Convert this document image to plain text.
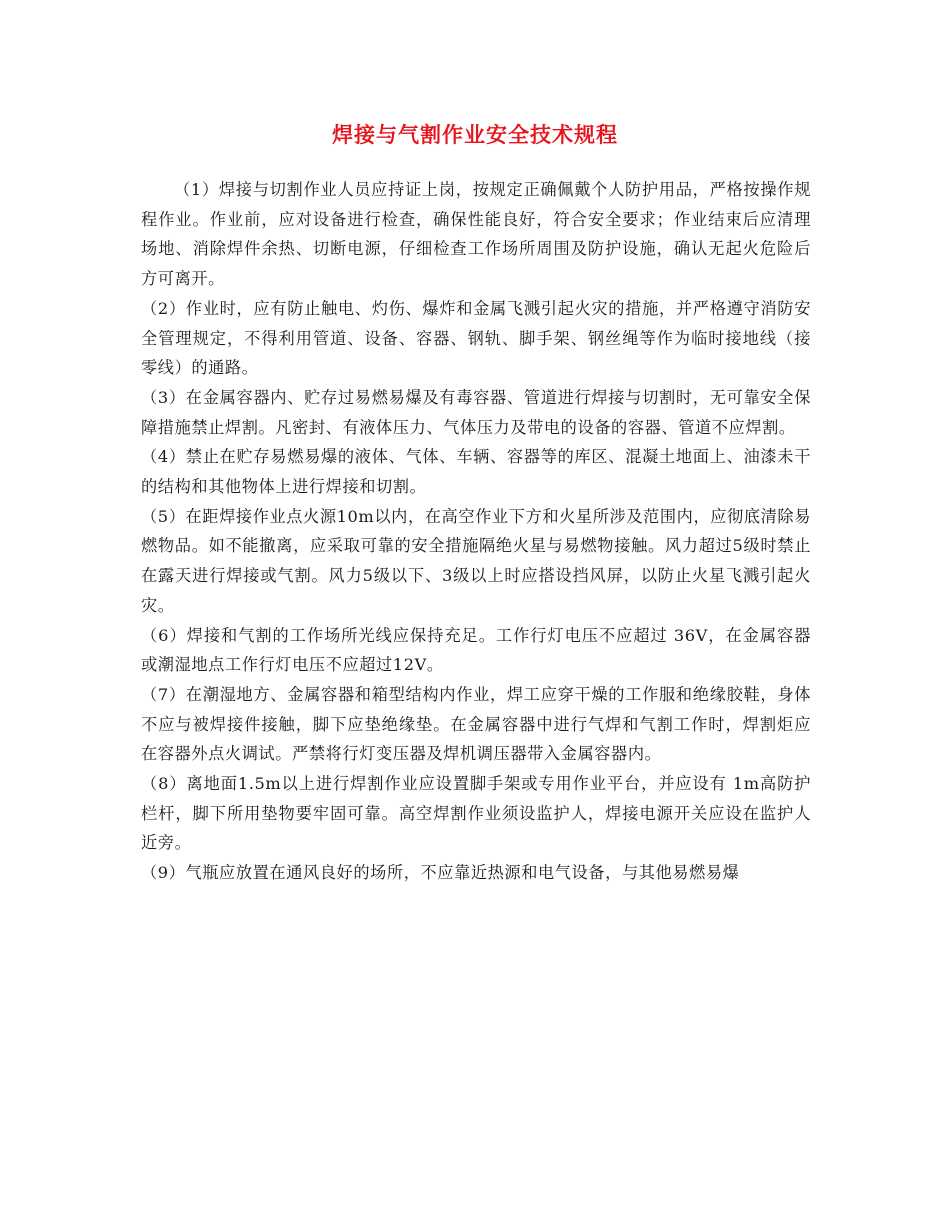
焊接与气割作业安全技术规程

（1）焊接与切割作业人员应持证上岗，按规定正确佩戴个人防护用品，严格按操作规程作业。作业前，应对设备进行检查，确保性能良好，符合安全要求；作业结束后应清理场地、消除焊件余热、切断电源，仔细检查工作场所周围及防护设施，确认无起火危险后方可离开。

（2）作业时，应有防止触电、灼伤、爆炸和金属飞溅引起火灾的措施，并严格遵守消防安全管理规定，不得利用管道、设备、容器、钢轨、脚手架、钢丝绳等作为临时接地线（接零线）的通路。

（3）在金属容器内、贮存过易燃易爆及有毒容器、管道进行焊接与切割时，无可靠安全保障措施禁止焊割。凡密封、有液体压力、气体压力及带电的设备的容器、管道不应焊割。

（4）禁止在贮存易燃易爆的液体、气体、车辆、容器等的库区、混凝土地面上、油漆未干的结构和其他物体上进行焊接和切割。

（5）在距焊接作业点火源10m以内，在高空作业下方和火星所涉及范围内，应彻底清除易燃物品。如不能撤离，应采取可靠的安全措施隔绝火星与易燃物接触。风力超过5级时禁止在露天进行焊接或气割。风力5级以下、3级以上时应搭设挡风屏，以防止火星飞溅引起火灾。

（6）焊接和气割的工作场所光线应保持充足。工作行灯电压不应超过 36V，在金属容器或潮湿地点工作行灯电压不应超过12V。

（7）在潮湿地方、金属容器和箱型结构内作业，焊工应穿干燥的工作服和绝缘胶鞋，身体不应与被焊接件接触，脚下应垫绝缘垫。在金属容器中进行气焊和气割工作时，焊割炬应在容器外点火调试。严禁将行灯变压器及焊机调压器带入金属容器内。

（8）离地面1.5m以上进行焊割作业应设置脚手架或专用作业平台，并应设有 1m高防护栏杆，脚下所用垫物要牢固可靠。高空焊割作业须设监护人，焊接电源开关应设在监护人近旁。

（9）气瓶应放置在通风良好的场所，不应靠近热源和电气设备，与其他易燃易爆
